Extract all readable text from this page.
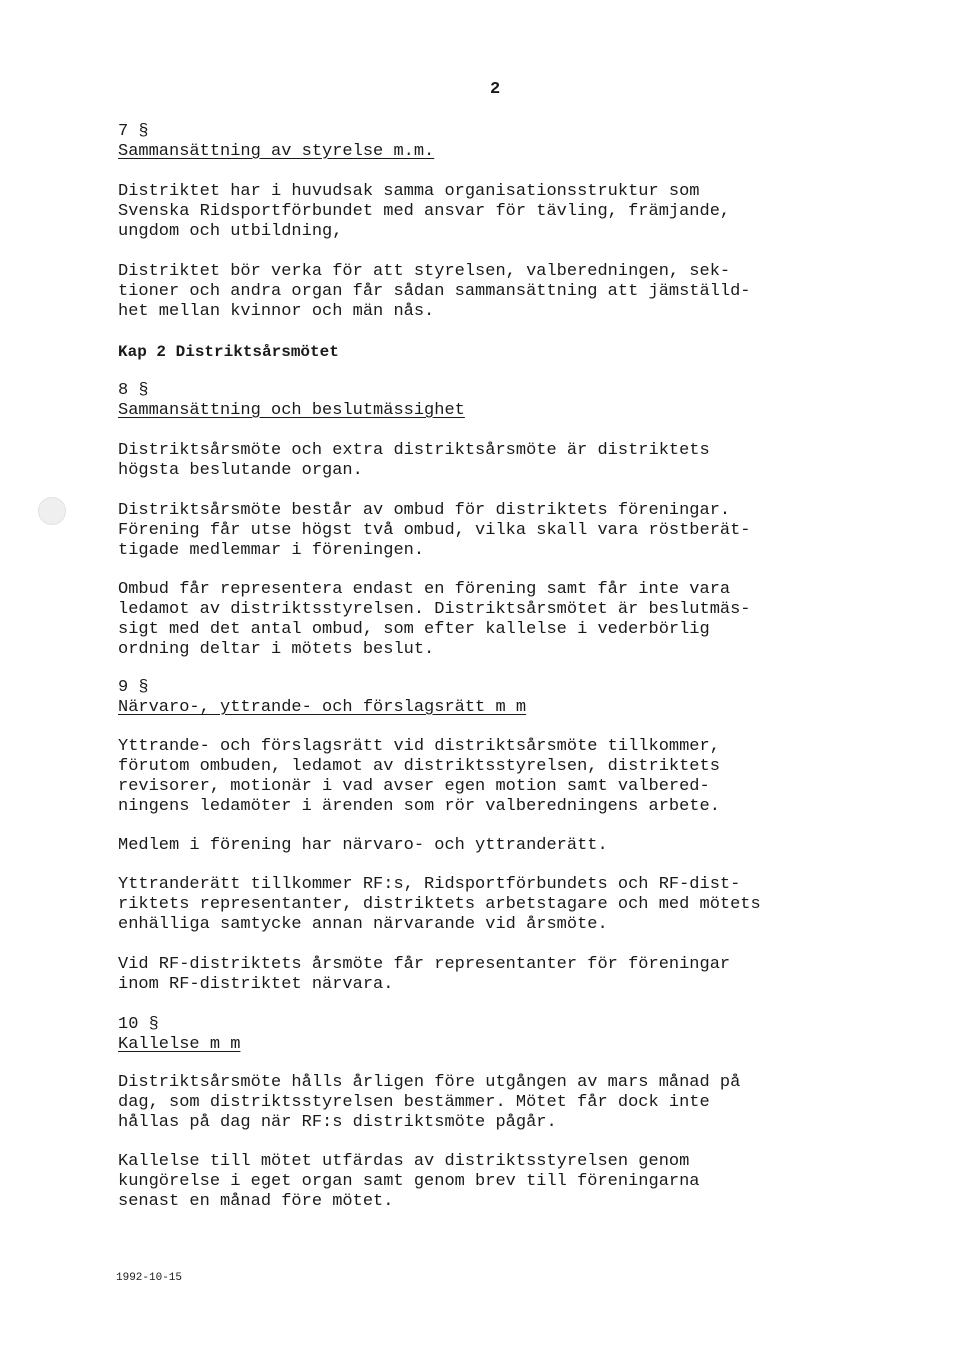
2
7 §
Sammansättning av styrelse m.m.
Distriktet har i huvudsak samma organisationsstruktur som
Svenska Ridsportförbundet med ansvar för tävling, främjande,
ungdom och utbildning,
Distriktet bör verka för att styrelsen, valberedningen, sek-
tioner och andra organ får sådan sammansättning att jämställd-
het mellan kvinnor och män nås.
Kap 2 Distriktsårsmötet
8 §
Sammansättning och beslutmässighet
Distriktsårsmöte och extra distriktsårsmöte är distriktets
högsta beslutande organ.
Distriktsårsmöte består av ombud för distriktets föreningar.
Förening får utse högst två ombud, vilka skall vara röstberät-
tigade medlemmar i föreningen.
Ombud får representera endast en förening samt får inte vara
ledamot av distriktsstyrelsen. Distriktsårsmötet är beslutmäs-
sigt med det antal ombud, som efter kallelse i vederbörlig
ordning deltar i mötets beslut.
9 §
Närvaro-, yttrande- och förslagsrätt m m
Yttrande- och förslagsrätt vid distriktsårsmöte tillkommer,
förutom ombuden, ledamot av distriktsstyrelsen, distriktets
revisorer, motionär i vad avser egen motion samt valbered-
ningens ledamöter i ärenden som rör valberedningens arbete.
Medlem i förening har närvaro- och yttranderätt.
Yttranderätt tillkommer RF:s, Ridsportförbundets och RF-dist-
riktets representanter, distriktets arbetstagare och med mötets
enhälliga samtycke annan närvarande vid årsmöte.
Vid RF-distriktets årsmöte får representanter för föreningar
inom RF-distriktet närvara.
10 §
Kallelse m m
Distriktsårsmöte hålls årligen före utgången av mars månad på
dag, som distriktsstyrelsen bestämmer. Mötet får dock inte
hållas på dag när RF:s distriktsmöte pågår.
Kallelse till mötet utfärdas av distriktsstyrelsen genom
kungörelse i eget organ samt genom brev till föreningarna
senast en månad före mötet.
1992-10-15
